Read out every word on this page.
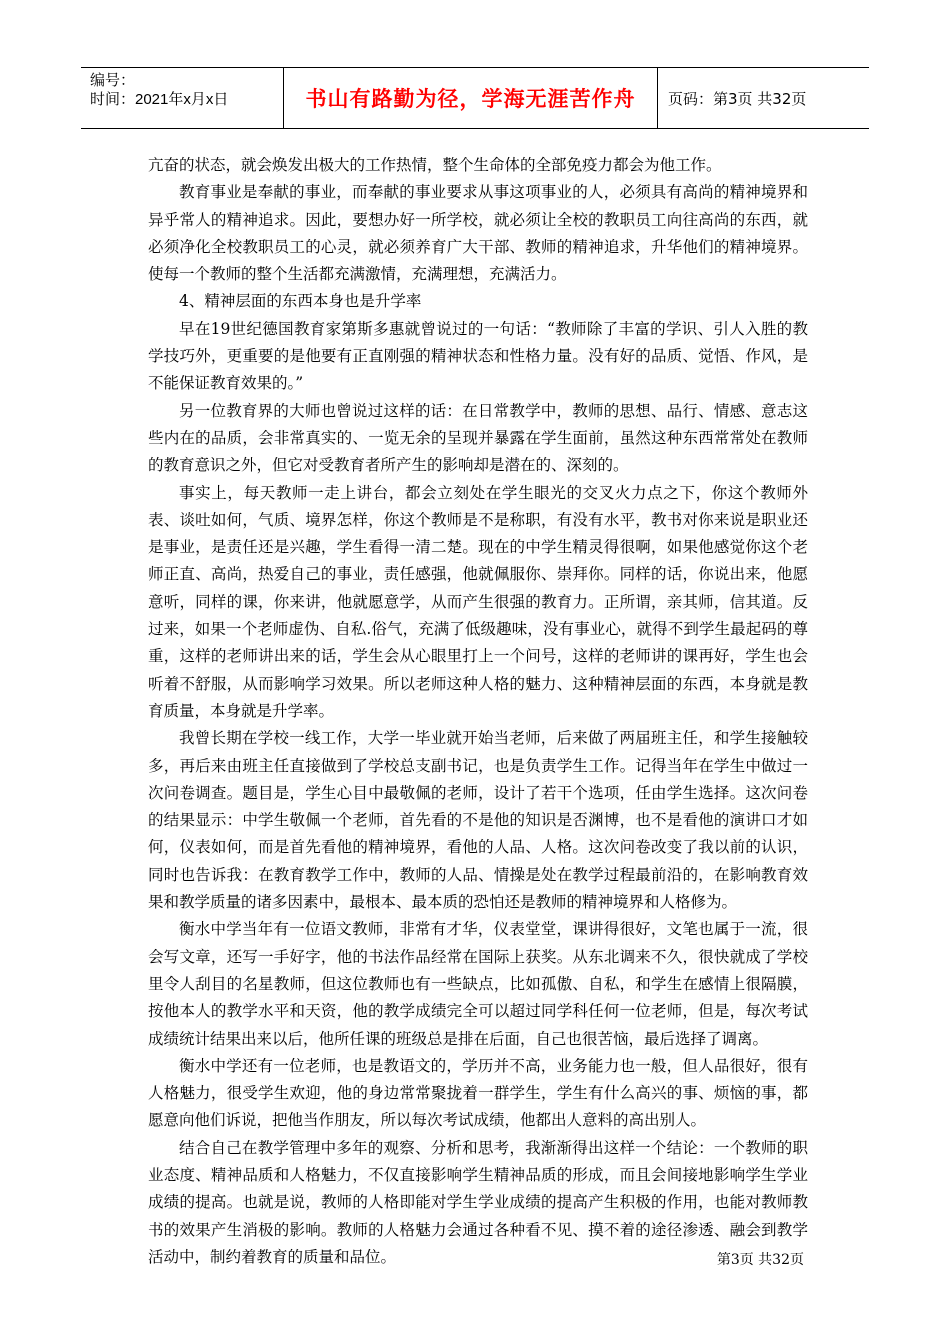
编号：
时间：2021年x月x日	书山有路勤为径，学海无涯苦作舟	页码：第3页 共32页

亢奋的状态，就会焕发出极大的工作热情，整个生命体的全部免疫力都会为他工作。

教育事业是奉献的事业，而奉献的事业要求从事这项事业的人，必须具有高尚的精神境界和异乎常人的精神追求。因此，要想办好一所学校，就必须让全校的教职员工向往高尚的东西，就必须净化全校教职员工的心灵，就必须养育广大干部、教师的精神追求，升华他们的精神境界。使每一个教师的整个生活都充满激情，充满理想，充满活力。

4、精神层面的东西本身也是升学率

早在19世纪德国教育家第斯多惠就曾说过的一句话：“教师除了丰富的学识、引人入胜的教学技巧外，更重要的是他要有正直刚强的精神状态和性格力量。没有好的品质、觉悟、作风，是不能保证教育效果的。”

另一位教育界的大师也曾说过这样的话：在日常教学中，教师的思想、品行、情感、意志这些内在的品质，会非常真实的、一览无余的呈现并暴露在学生面前，虽然这种东西常常处在教师的教育意识之外，但它对受教育者所产生的影响却是潜在的、深刻的。

事实上，每天教师一走上讲台，都会立刻处在学生眼光的交叉火力点之下，你这个教师外表、谈吐如何，气质、境界怎样，你这个教师是不是称职，有没有水平，教书对你来说是职业还是事业，是责任还是兴趣，学生看得一清二楚。现在的中学生精灵得很啊，如果他感觉你这个老师正直、高尚，热爱自己的事业，责任感强，他就佩服你、崇拜你。同样的话，你说出来，他愿意听，同样的课，你来讲，他就愿意学，从而产生很强的教育力。正所谓，亲其师，信其道。反过来，如果一个老师虚伪、自私.俗气，充满了低级趣味，没有事业心，就得不到学生最起码的尊重，这样的老师讲出来的话，学生会从心眼里打上一个问号，这样的老师讲的课再好，学生也会听着不舒服，从而影响学习效果。所以老师这种人格的魅力、这种精神层面的东西，本身就是教育质量，本身就是升学率。

我曾长期在学校一线工作，大学一毕业就开始当老师，后来做了两届班主任，和学生接触较多，再后来由班主任直接做到了学校总支副书记，也是负责学生工作。记得当年在学生中做过一次问卷调查。题目是，学生心目中最敬佩的老师，设计了若干个选项，任由学生选择。这次问卷的结果显示：中学生敬佩一个老师，首先看的不是他的知识是否渊博，也不是看他的演讲口才如何，仪表如何，而是首先看他的精神境界，看他的人品、人格。这次问卷改变了我以前的认识，同时也告诉我：在教育教学工作中，教师的人品、情操是处在教学过程最前沿的，在影响教育效果和教学质量的诸多因素中，最根本、最本质的恐怕还是教师的精神境界和人格修为。

衡水中学当年有一位语文教师，非常有才华，仪表堂堂，课讲得很好，文笔也属于一流，很会写文章，还写一手好字，他的书法作品经常在国际上获奖。从东北调来不久，很快就成了学校里令人刮目的名星教师，但这位教师也有一些缺点，比如孤傲、自私，和学生在感情上很隔膜，按他本人的教学水平和天资，他的教学成绩完全可以超过同学科任何一位老师，但是，每次考试成绩统计结果出来以后，他所任课的班级总是排在后面，自己也很苦恼，最后选择了调离。

衡水中学还有一位老师，也是教语文的，学历并不高，业务能力也一般，但人品很好，很有人格魅力，很受学生欢迎，他的身边常常聚拢着一群学生，学生有什么高兴的事、烦恼的事，都愿意向他们诉说，把他当作朋友，所以每次考试成绩，他都出人意料的高出别人。

结合自己在教学管理中多年的观察、分析和思考，我渐渐得出这样一个结论：一个教师的职业态度、精神品质和人格魅力，不仅直接影响学生精神品质的形成，而且会间接地影响学生学业成绩的提高。也就是说，教师的人格即能对学生学业成绩的提高产生积极的作用，也能对教师教书的效果产生消极的影响。教师的人格魅力会通过各种看不见、摸不着的途径渗透、融会到教学活动中，制约着教育的质量和品位。	第3页 共32页
